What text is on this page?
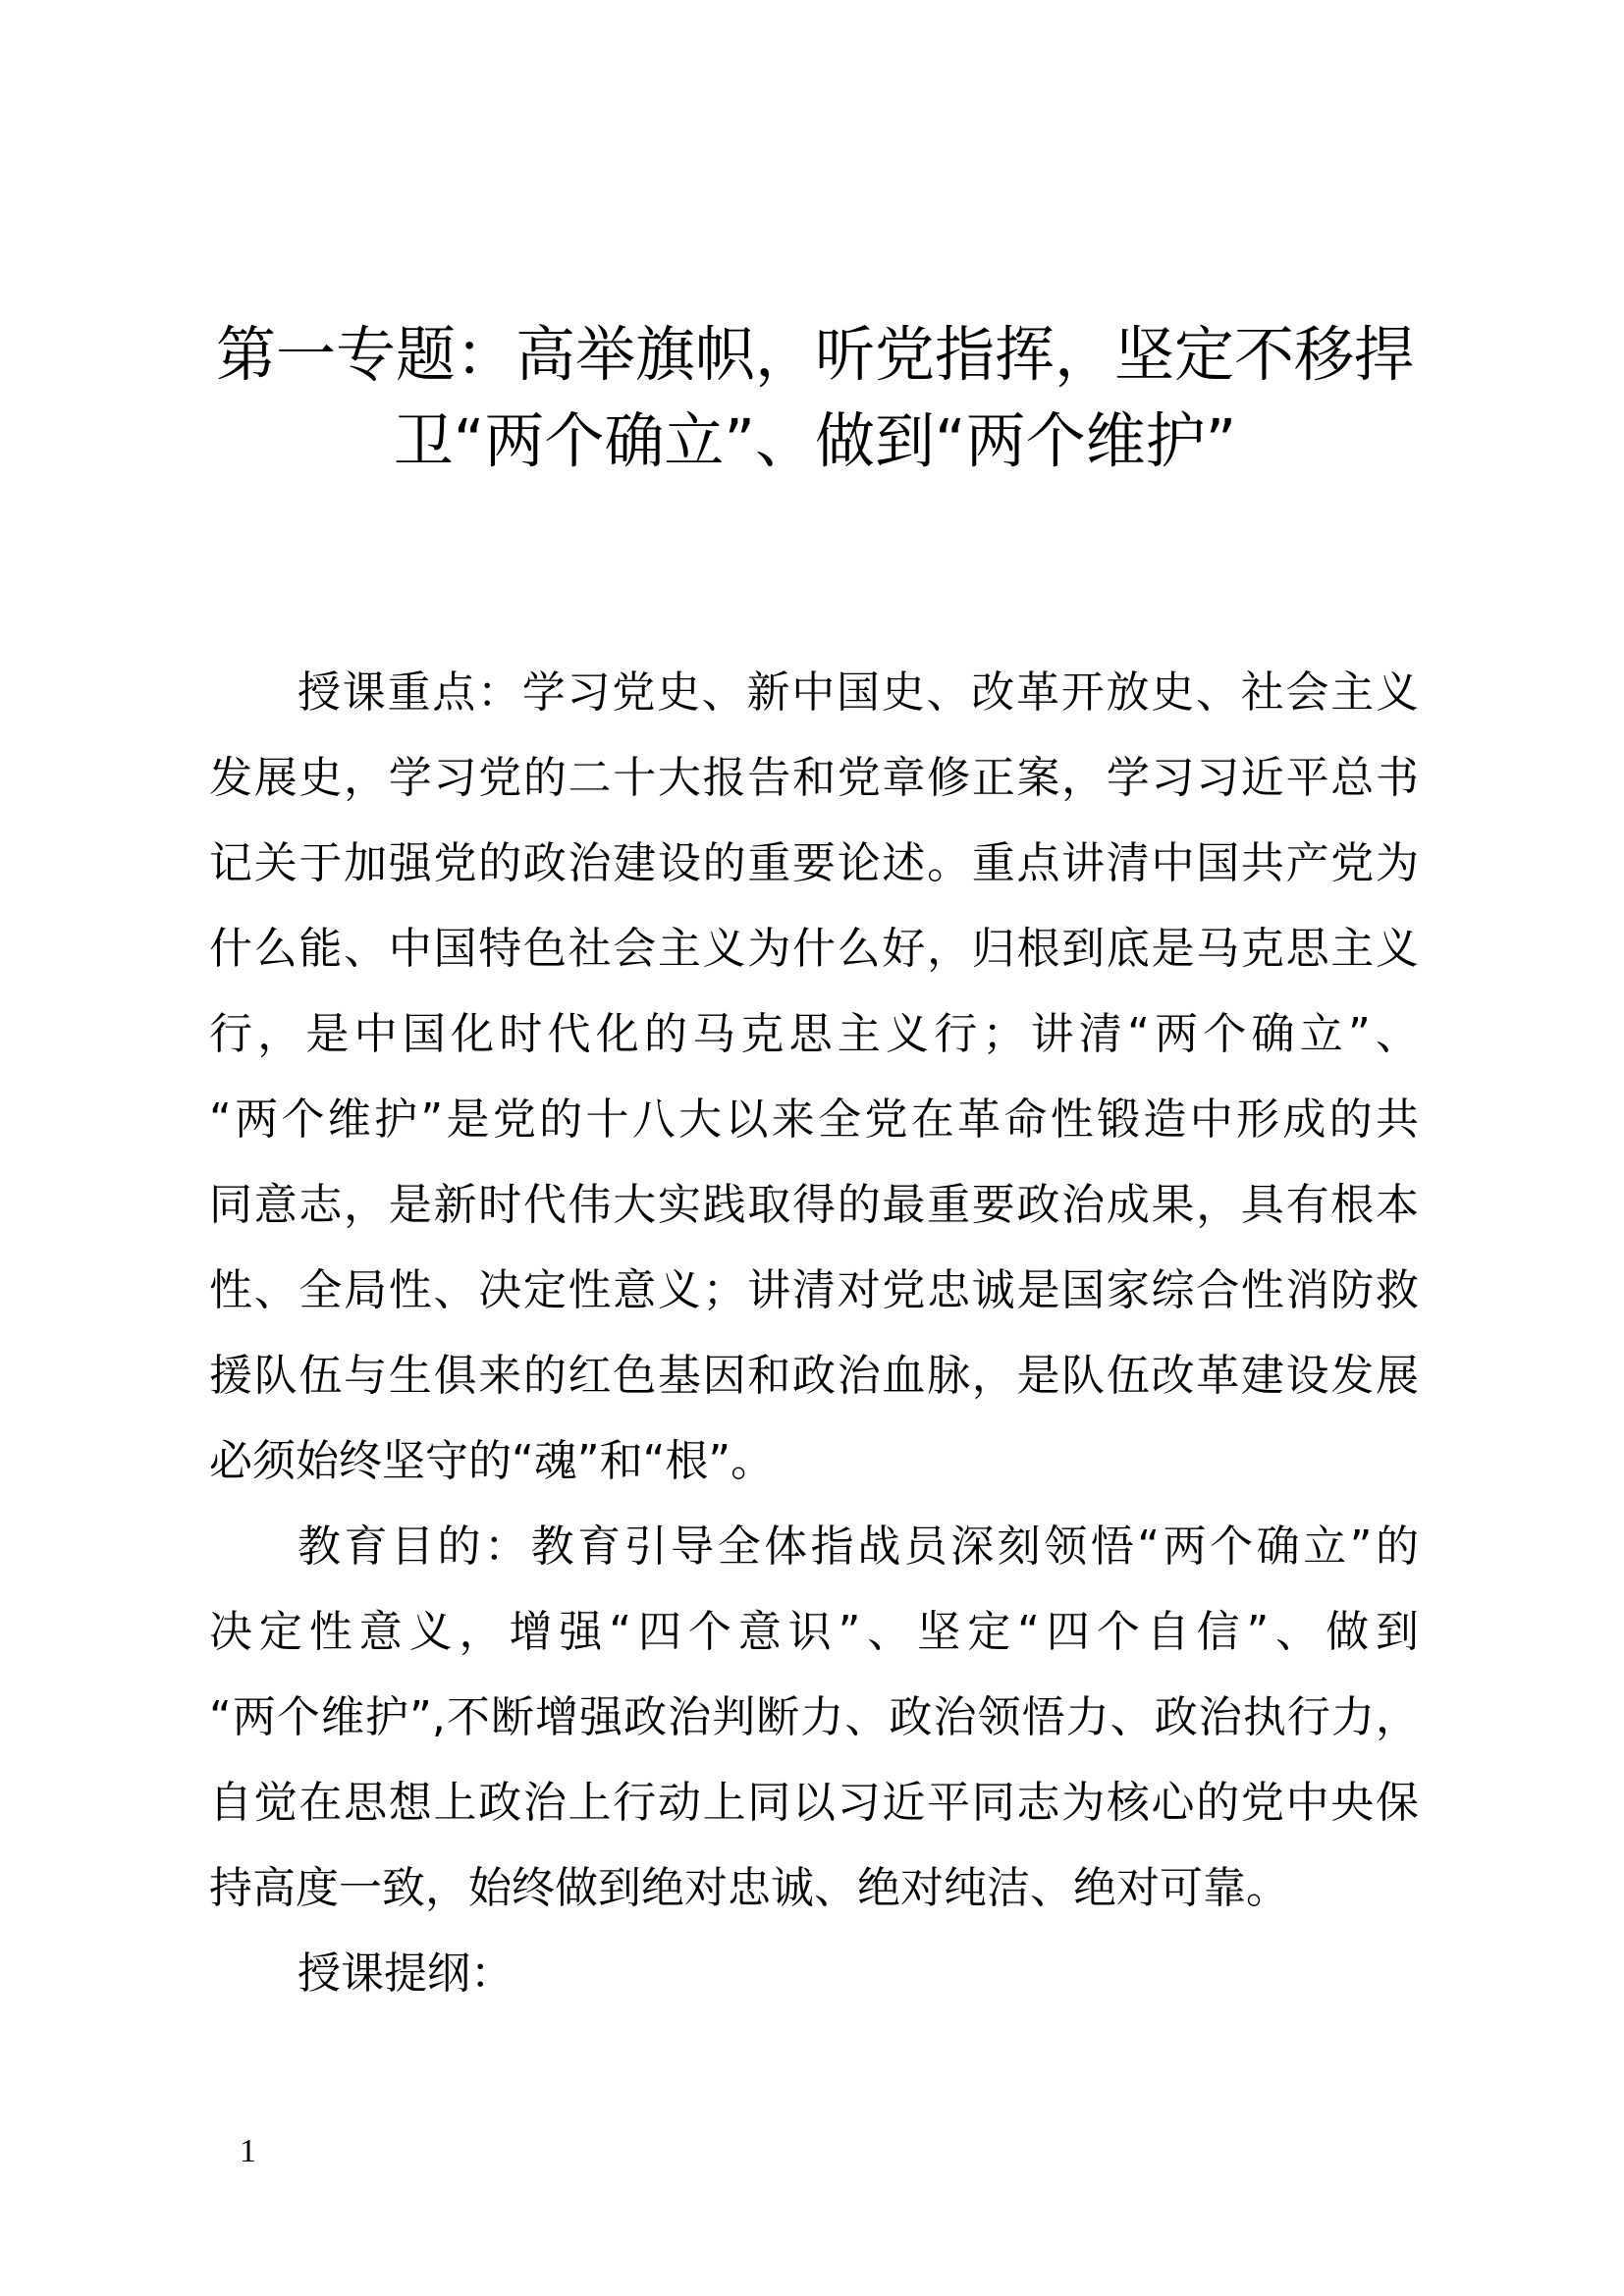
第一专题：高举旗帜，听党指挥，坚定不移捍
卫“两个确立”、做到“两个维护”
授课重点：学习党史、新中国史、改革开放史、社会主义
发展史，学习党的二十大报告和党章修正案，学习习近平总书
记关于加强党的政治建设的重要论述。重点讲清中国共产党为
什么能、中国特色社会主义为什么好，归根到底是马克思主义
行，是中国化时代化的马克思主义行；讲清“两个确立”、
“两个维护”是党的十八大以来全党在革命性锻造中形成的共
同意志，是新时代伟大实践取得的最重要政治成果，具有根本
性、全局性、决定性意义；讲清对党忠诚是国家综合性消防救
援队伍与生俱来的红色基因和政治血脉，是队伍改革建设发展
必须始终坚守的“魂”和“根”。
教育目的：教育引导全体指战员深刻领悟“两个确立”的
决定性意义，增强“四个意识”、坚定“四个自信”、做到
“两个维护”,不断增强政治判断力、政治领悟力、政治执行力，
自觉在思想上政治上行动上同以习近平同志为核心的党中央保
持高度一致，始终做到绝对忠诚、绝对纯洁、绝对可靠。
授课提纲：
1
